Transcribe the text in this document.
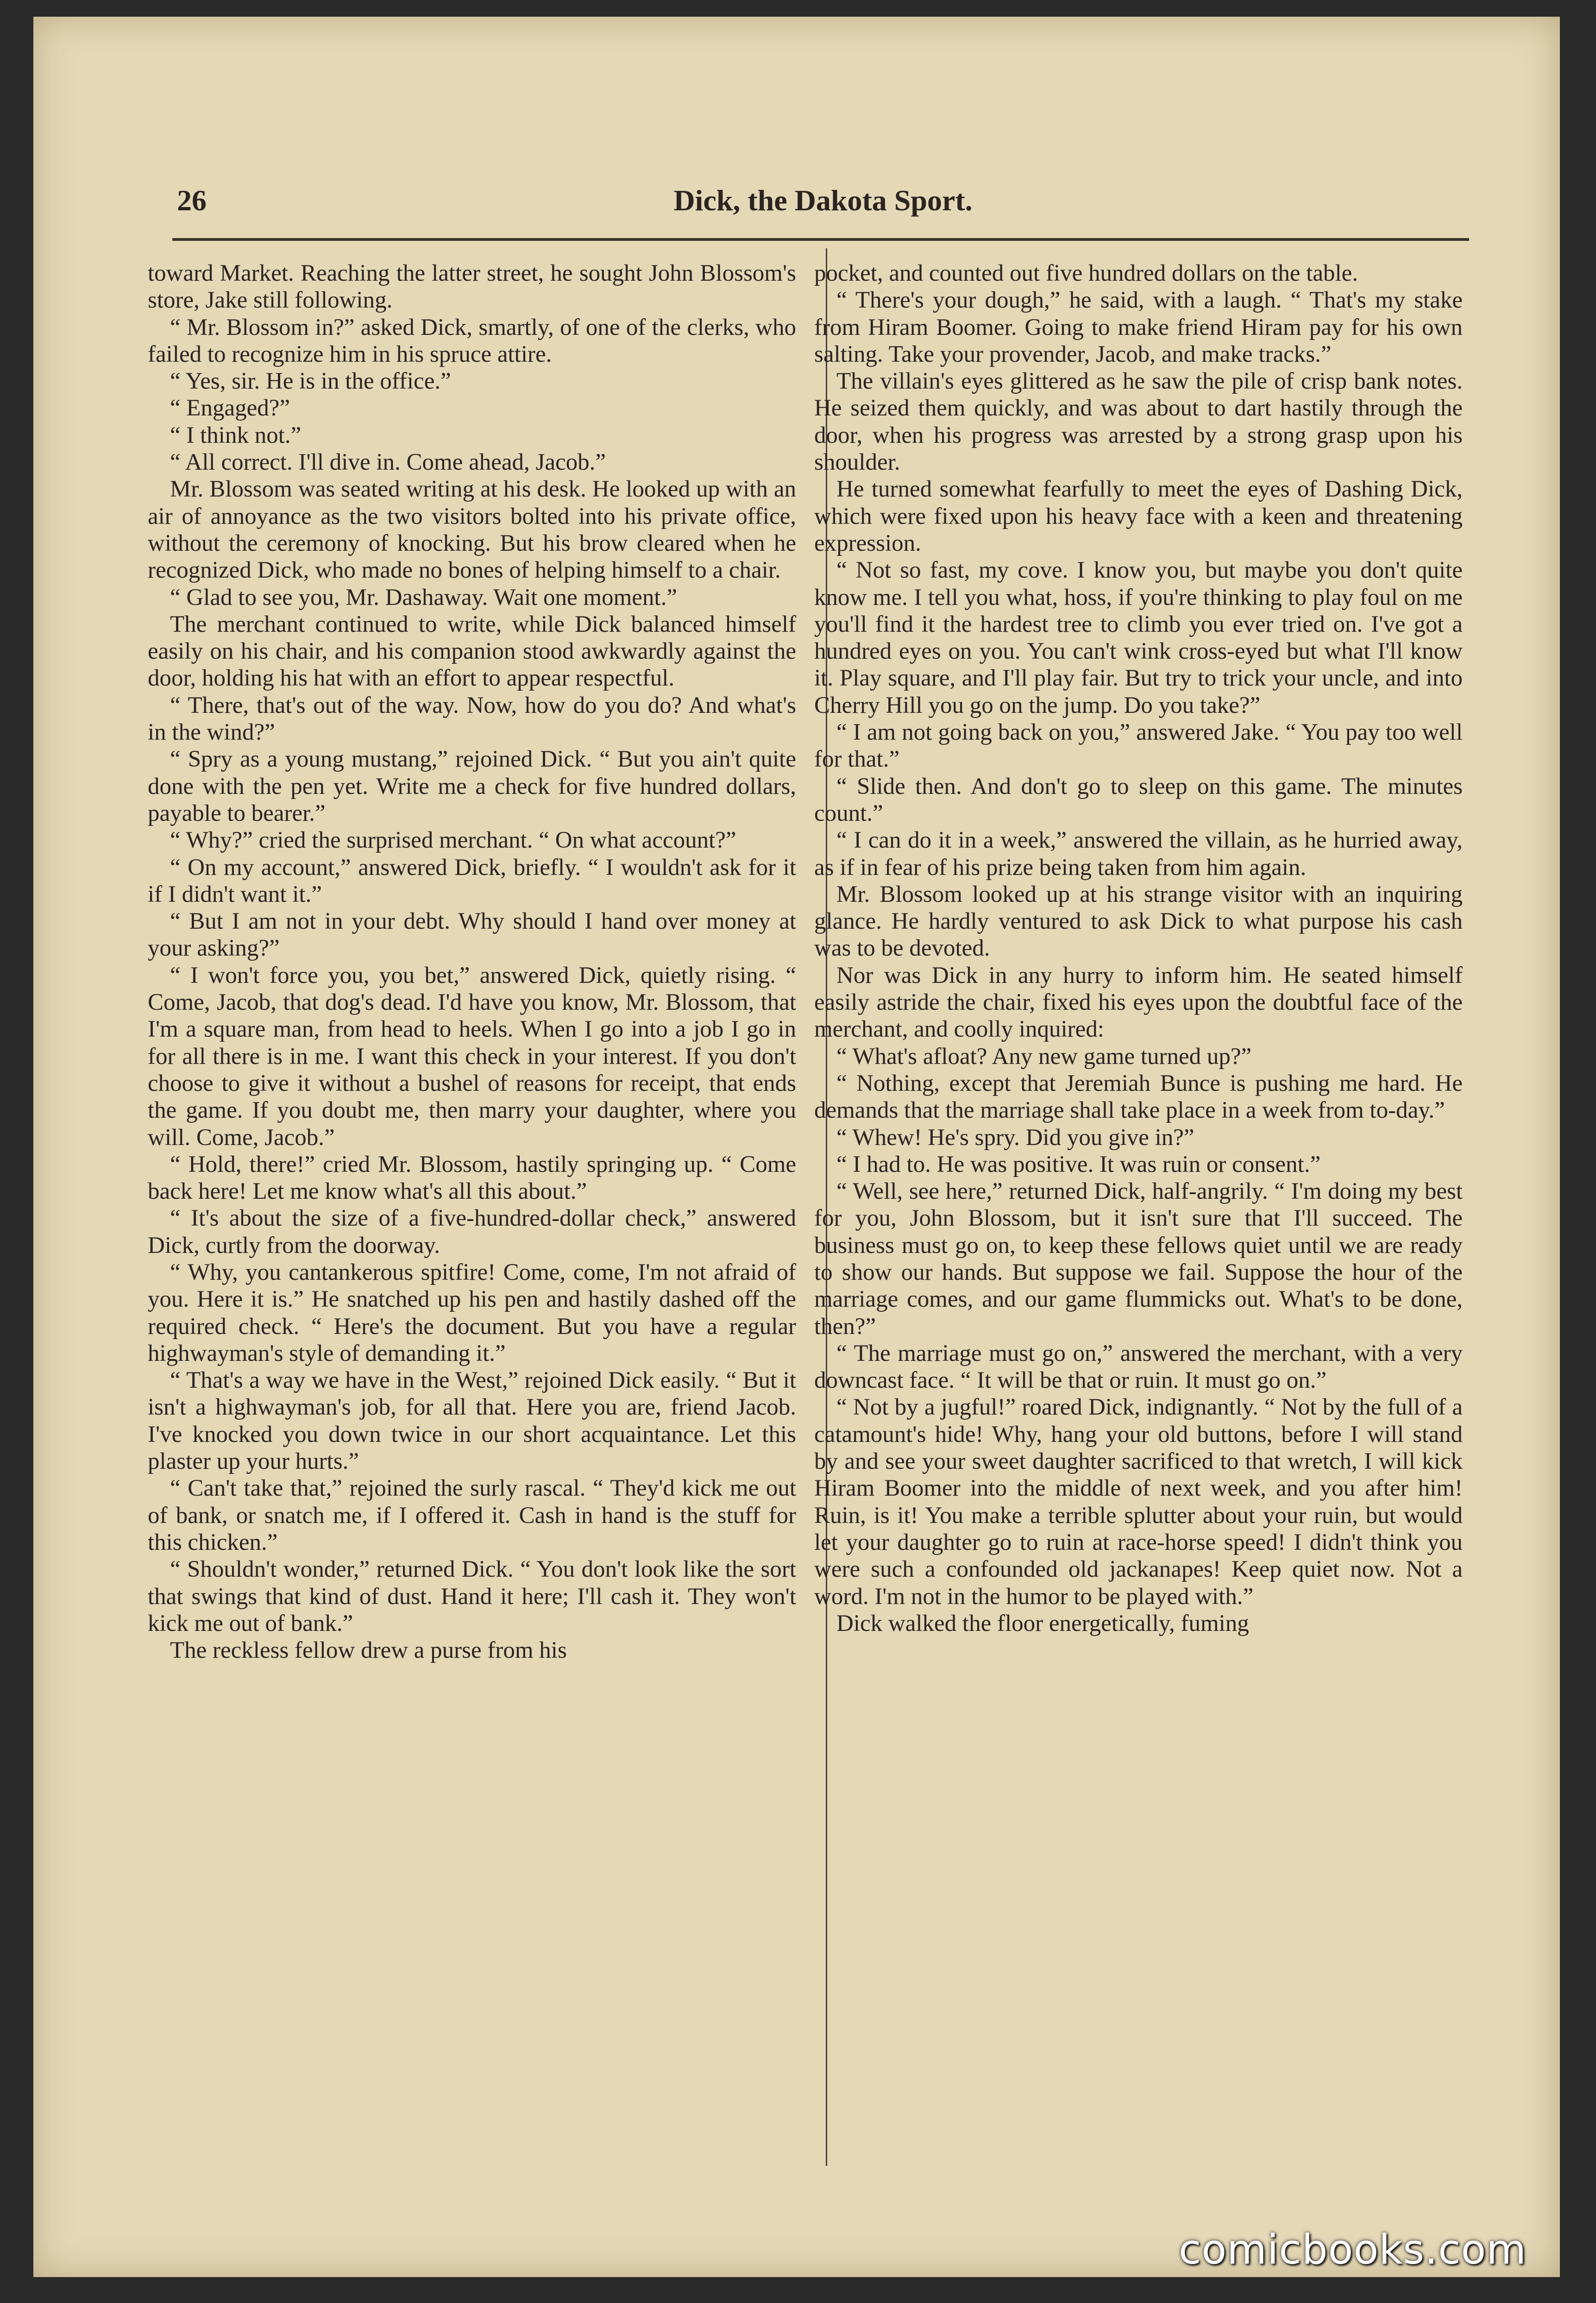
26	Dick, the Dakota Sport.

toward Market. Reaching the latter street, he sought John Blossom's store, Jake still following.

“ Mr. Blossom in?” asked Dick, smartly, of one of the clerks, who failed to recognize him in his spruce attire.

“ Yes, sir. He is in the office.”

“ Engaged?”

“ I think not.”

“ All correct. I'll dive in. Come ahead, Jacob.”

Mr. Blossom was seated writing at his desk. He looked up with an air of annoyance as the two visitors bolted into his private office, without the ceremony of knocking. But his brow cleared when he recognized Dick, who made no bones of helping himself to a chair.

“ Glad to see you, Mr. Dashaway. Wait one moment.”

The merchant continued to write, while Dick balanced himself easily on his chair, and his companion stood awkwardly against the door, holding his hat with an effort to appear respectful.

“ There, that's out of the way. Now, how do you do? And what's in the wind?”

“ Spry as a young mustang,” rejoined Dick. “ But you ain't quite done with the pen yet. Write me a check for five hundred dollars, payable to bearer.”

“ Why?” cried the surprised merchant. “ On what account?”

“ On my account,” answered Dick, briefly. “ I wouldn't ask for it if I didn't want it.”

“ But I am not in your debt. Why should I hand over money at your asking?”

“ I won't force you, you bet,” answered Dick, quietly rising. “ Come, Jacob, that dog's dead. I'd have you know, Mr. Blossom, that I'm a square man, from head to heels. When I go into a job I go in for all there is in me. I want this check in your interest. If you don't choose to give it without a bushel of reasons for receipt, that ends the game. If you doubt me, then marry your daughter, where you will. Come, Jacob.”

“ Hold, there!” cried Mr. Blossom, hastily springing up. “ Come back here! Let me know what's all this about.”

“ It's about the size of a five-hundred-dollar check,” answered Dick, curtly from the doorway.

“ Why, you cantankerous spitfire! Come, come, I'm not afraid of you. Here it is.” He snatched up his pen and hastily dashed off the required check. “ Here's the document. But you have a regular highwayman's style of demanding it.”

“ That's a way we have in the West,” rejoined Dick easily. “ But it isn't a highwayman's job, for all that. Here you are, friend Jacob. I've knocked you down twice in our short acquaintance. Let this plaster up your hurts.”

“ Can't take that,” rejoined the surly rascal. “ They'd kick me out of bank, or snatch me, if I offered it. Cash in hand is the stuff for this chicken.”

“ Shouldn't wonder,” returned Dick. “ You don't look like the sort that swings that kind of dust. Hand it here; I'll cash it. They won't kick me out of bank.”

The reckless fellow drew a purse from his

pocket, and counted out five hundred dollars on the table.

“ There's your dough,” he said, with a laugh. “ That's my stake from Hiram Boomer. Going to make friend Hiram pay for his own salting. Take your provender, Jacob, and make tracks.”

The villain's eyes glittered as he saw the pile of crisp bank notes. He seized them quickly, and was about to dart hastily through the door, when his progress was arrested by a strong grasp upon his shoulder.

He turned somewhat fearfully to meet the eyes of Dashing Dick, which were fixed upon his heavy face with a keen and threatening expression.

“ Not so fast, my cove. I know you, but maybe you don't quite know me. I tell you what, hoss, if you're thinking to play foul on me you'll find it the hardest tree to climb you ever tried on. I've got a hundred eyes on you. You can't wink cross-eyed but what I'll know it. Play square, and I'll play fair. But try to trick your uncle, and into Cherry Hill you go on the jump. Do you take?”

“ I am not going back on you,” answered Jake. “ You pay too well for that.”

“ Slide then. And don't go to sleep on this game. The minutes count.”

“ I can do it in a week,” answered the villain, as he hurried away, as if in fear of his prize being taken from him again.

Mr. Blossom looked up at his strange visitor with an inquiring glance. He hardly ventured to ask Dick to what purpose his cash was to be devoted.

Nor was Dick in any hurry to inform him. He seated himself easily astride the chair, fixed his eyes upon the doubtful face of the merchant, and coolly inquired:

“ What's afloat? Any new game turned up?”

“ Nothing, except that Jeremiah Bunce is pushing me hard. He demands that the marriage shall take place in a week from to-day.”

“ Whew! He's spry. Did you give in?”

“ I had to. He was positive. It was ruin or consent.”

“ Well, see here,” returned Dick, half-angrily. “ I'm doing my best for you, John Blossom, but it isn't sure that I'll succeed. The business must go on, to keep these fellows quiet until we are ready to show our hands. But suppose we fail. Suppose the hour of the marriage comes, and our game flummicks out. What's to be done, then?”

“ The marriage must go on,” answered the merchant, with a very downcast face. “ It will be that or ruin. It must go on.”

“ Not by a jugful!” roared Dick, indignantly. “ Not by the full of a catamount's hide! Why, hang your old buttons, before I will stand by and see your sweet daughter sacrificed to that wretch, I will kick Hiram Boomer into the middle of next week, and you after him! Ruin, is it! You make a terrible splutter about your ruin, but would let your daughter go to ruin at race-horse speed! I didn't think you were such a confounded old jackanapes! Keep quiet now. Not a word. I'm not in the humor to be played with.”

Dick walked the floor energetically, fuming

comicbooks.com
